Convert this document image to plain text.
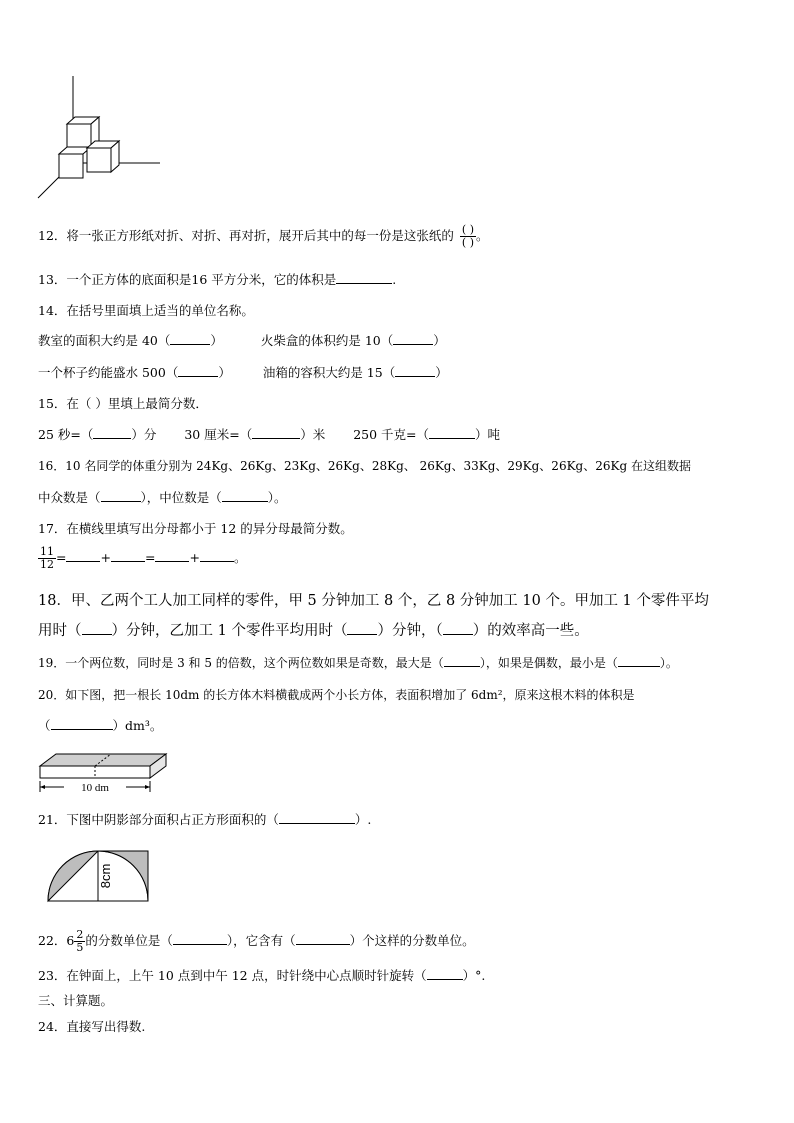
12．将一张正方形纸对折、对折、再对折，展开后其中的每一份是这张纸的 $\frac{( )}{( )}$ 。
13．一个正方体的底面积是16 平方分米，它的体积是	.
14．在括号里面填上适当的单位名称。
教室的面积大约是 40（	）	火柴盒的体积约是 10（	）
一个杯子约能盛水 500（	）	油箱的容积大约是 15（	）
15．在（ ）里填上最简分数．
25 秒=（	）分 30 厘米=（	）米 250 千克=（	）吨
16．10 名同学的体重分别为 24Kg、26Kg、23Kg、26Kg、28Kg、 26Kg、33Kg、29Kg、26Kg、26Kg 在这组数据
中众数是（	），中位数是（	）。
17．在横线里填写出分母都小于 12 的异分母最简分数。
$\frac{11}{12}$ =	+	=	+	。
18．甲、乙两个工人加工同样的零件，甲 5 分钟加工 8 个，乙 8 分钟加工 10 个。甲加工 1 个零件平均
用时（ ）分钟，乙加工 1 个零件平均用时（ ）分钟，（ ）的效率高一些。
19．一个两位数，同时是 3 和 5 的倍数，这个两位数如果是奇数，最大是（	），如果是偶数，最小是（	）。
20．如下图，把一根长 10dm 的长方体木料横截成两个小长方体，表面积增加了 6dm²，原来这根木料的体积是
（	）dm³。
10 dm
21．下图中阴影部分面积占正方形面积的（	）.
8cm
22．$6 \frac{2}{5}$ 的分数单位是（	），它含有（	）个这样的分数单位。
23．在钟面上，上午 10 点到中午 12 点，时针绕中心点顺时针旋转（	）°.
三、计算题。
24．直接写出得数.
